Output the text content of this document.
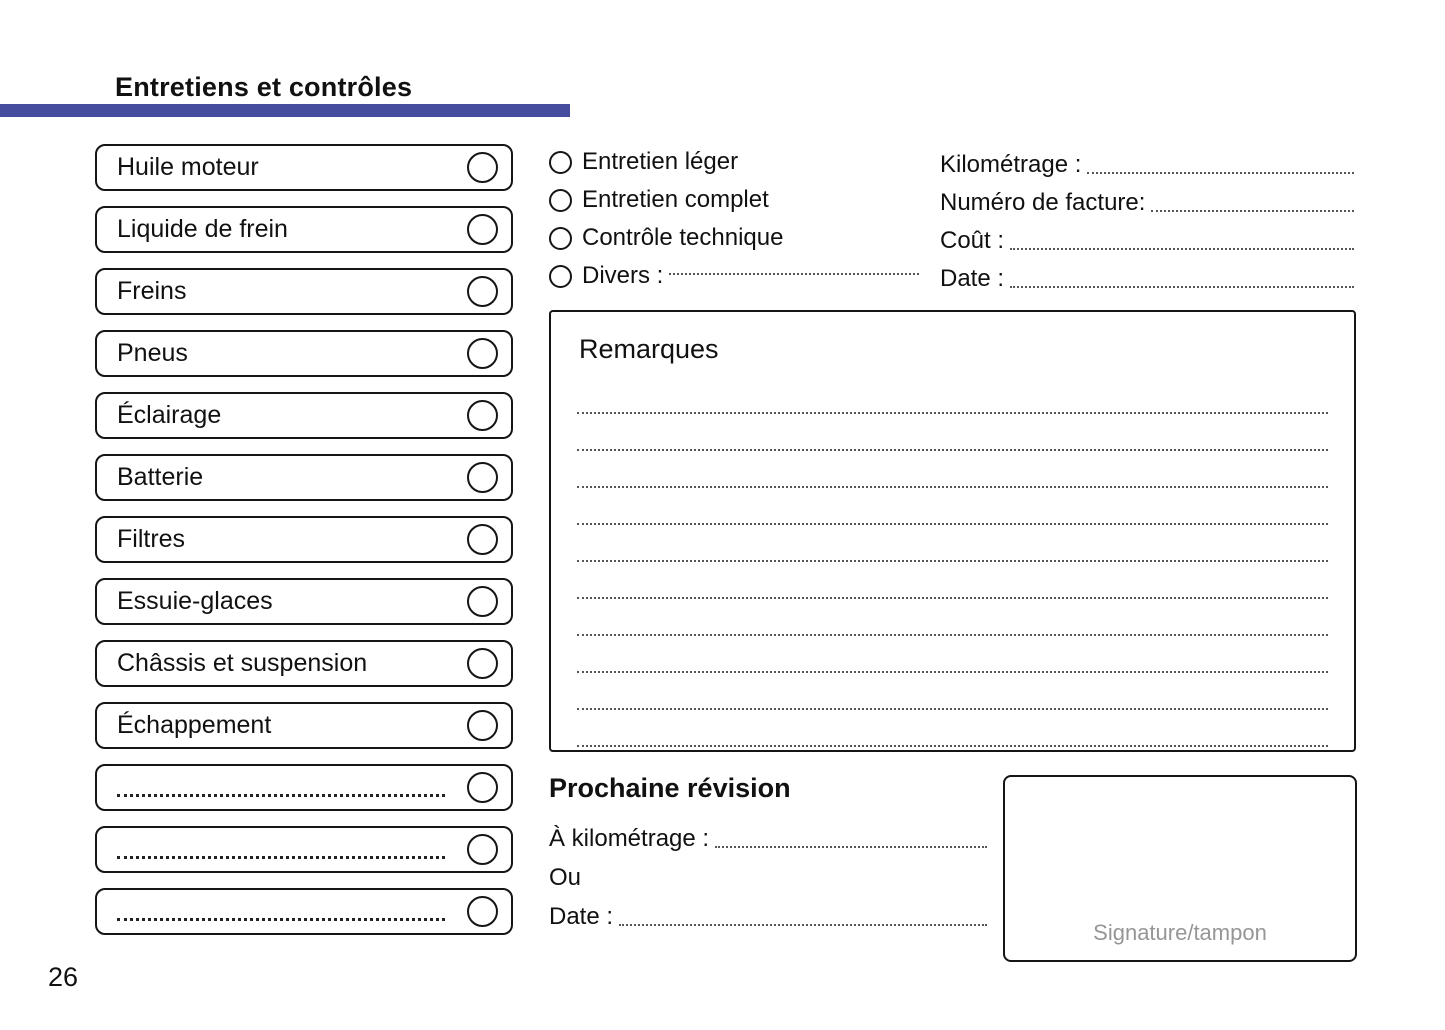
Entretiens et contrôles
Huile moteur
Liquide de frein
Freins
Pneus
Éclairage
Batterie
Filtres
Essuie-glaces
Châssis et suspension
Échappement
Entretien léger
Entretien complet
Contrôle technique
Divers :
Kilométrage :
Numéro de facture:
Coût :
Date :
Remarques
Prochaine révision
À kilométrage :
Ou
Date :
Signature/tampon
26
